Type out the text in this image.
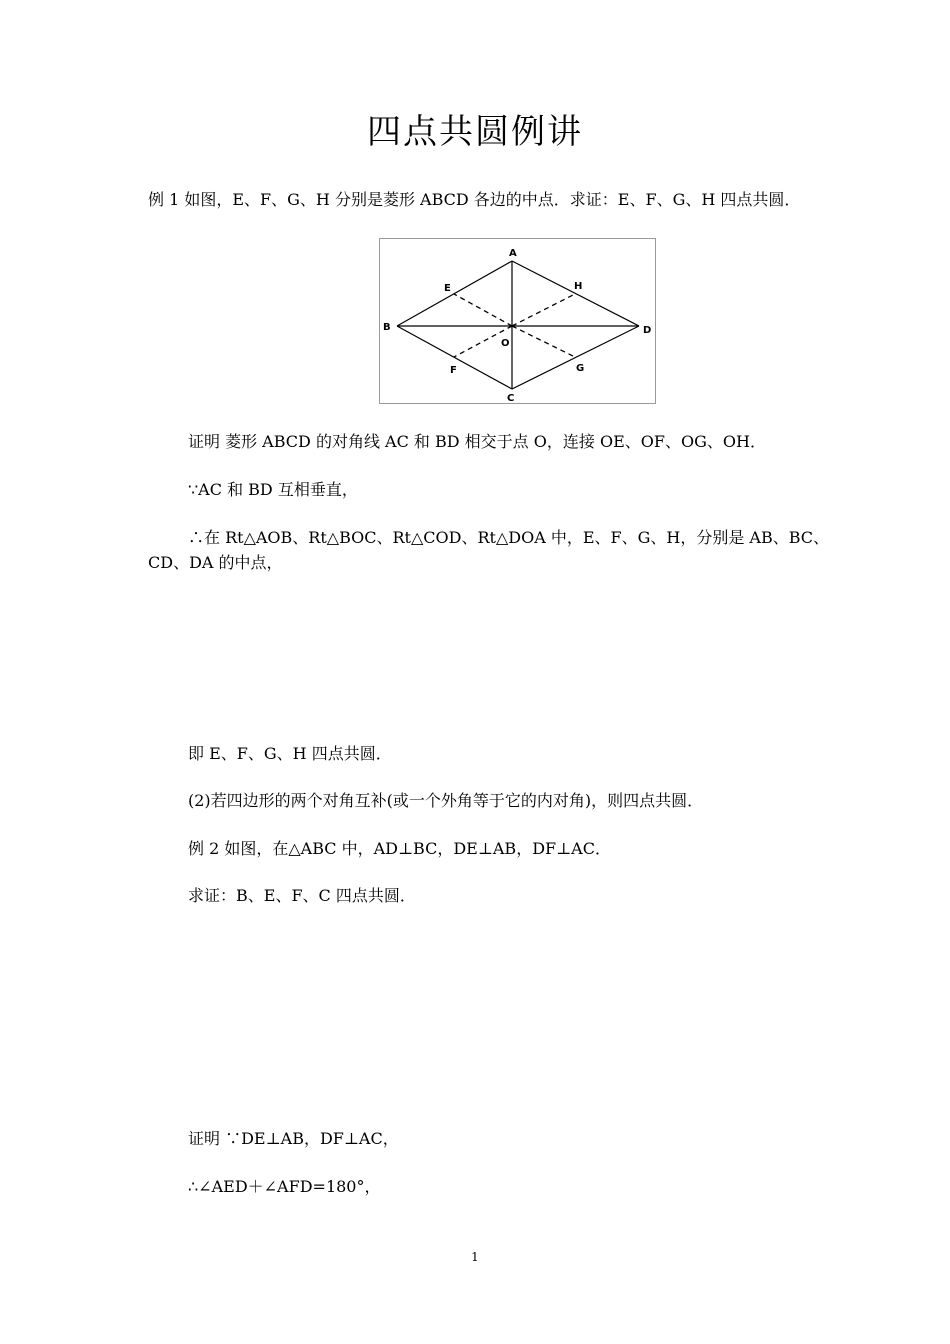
四点共圆例讲
例 1 如图，E、F、G、H 分别是菱形 ABCD 各边的中点．求证：E、F、G、H 四点共圆．
A
B
C
D
E	H
F	G
O
证明 菱形 ABCD 的对角线 AC 和 BD 相交于点 O，连接 OE、OF、OG、OH．
∵AC 和 BD 互相垂直，
∴在 Rt△AOB、Rt△BOC、Rt△COD、Rt△DOA 中，E、F、G、H，分别是 AB、BC、
CD、DA 的中点，
即 E、F、G、H 四点共圆．
(2)若四边形的两个对角互补(或一个外角等于它的内对角)，则四点共圆．
例 2 如图，在△ABC 中，AD⊥BC，DE⊥AB，DF⊥AC．
求证：B、E、F、C 四点共圆．
证明 ∵DE⊥AB，DF⊥AC，
∴∠AED＋∠AFD=180°，
1
